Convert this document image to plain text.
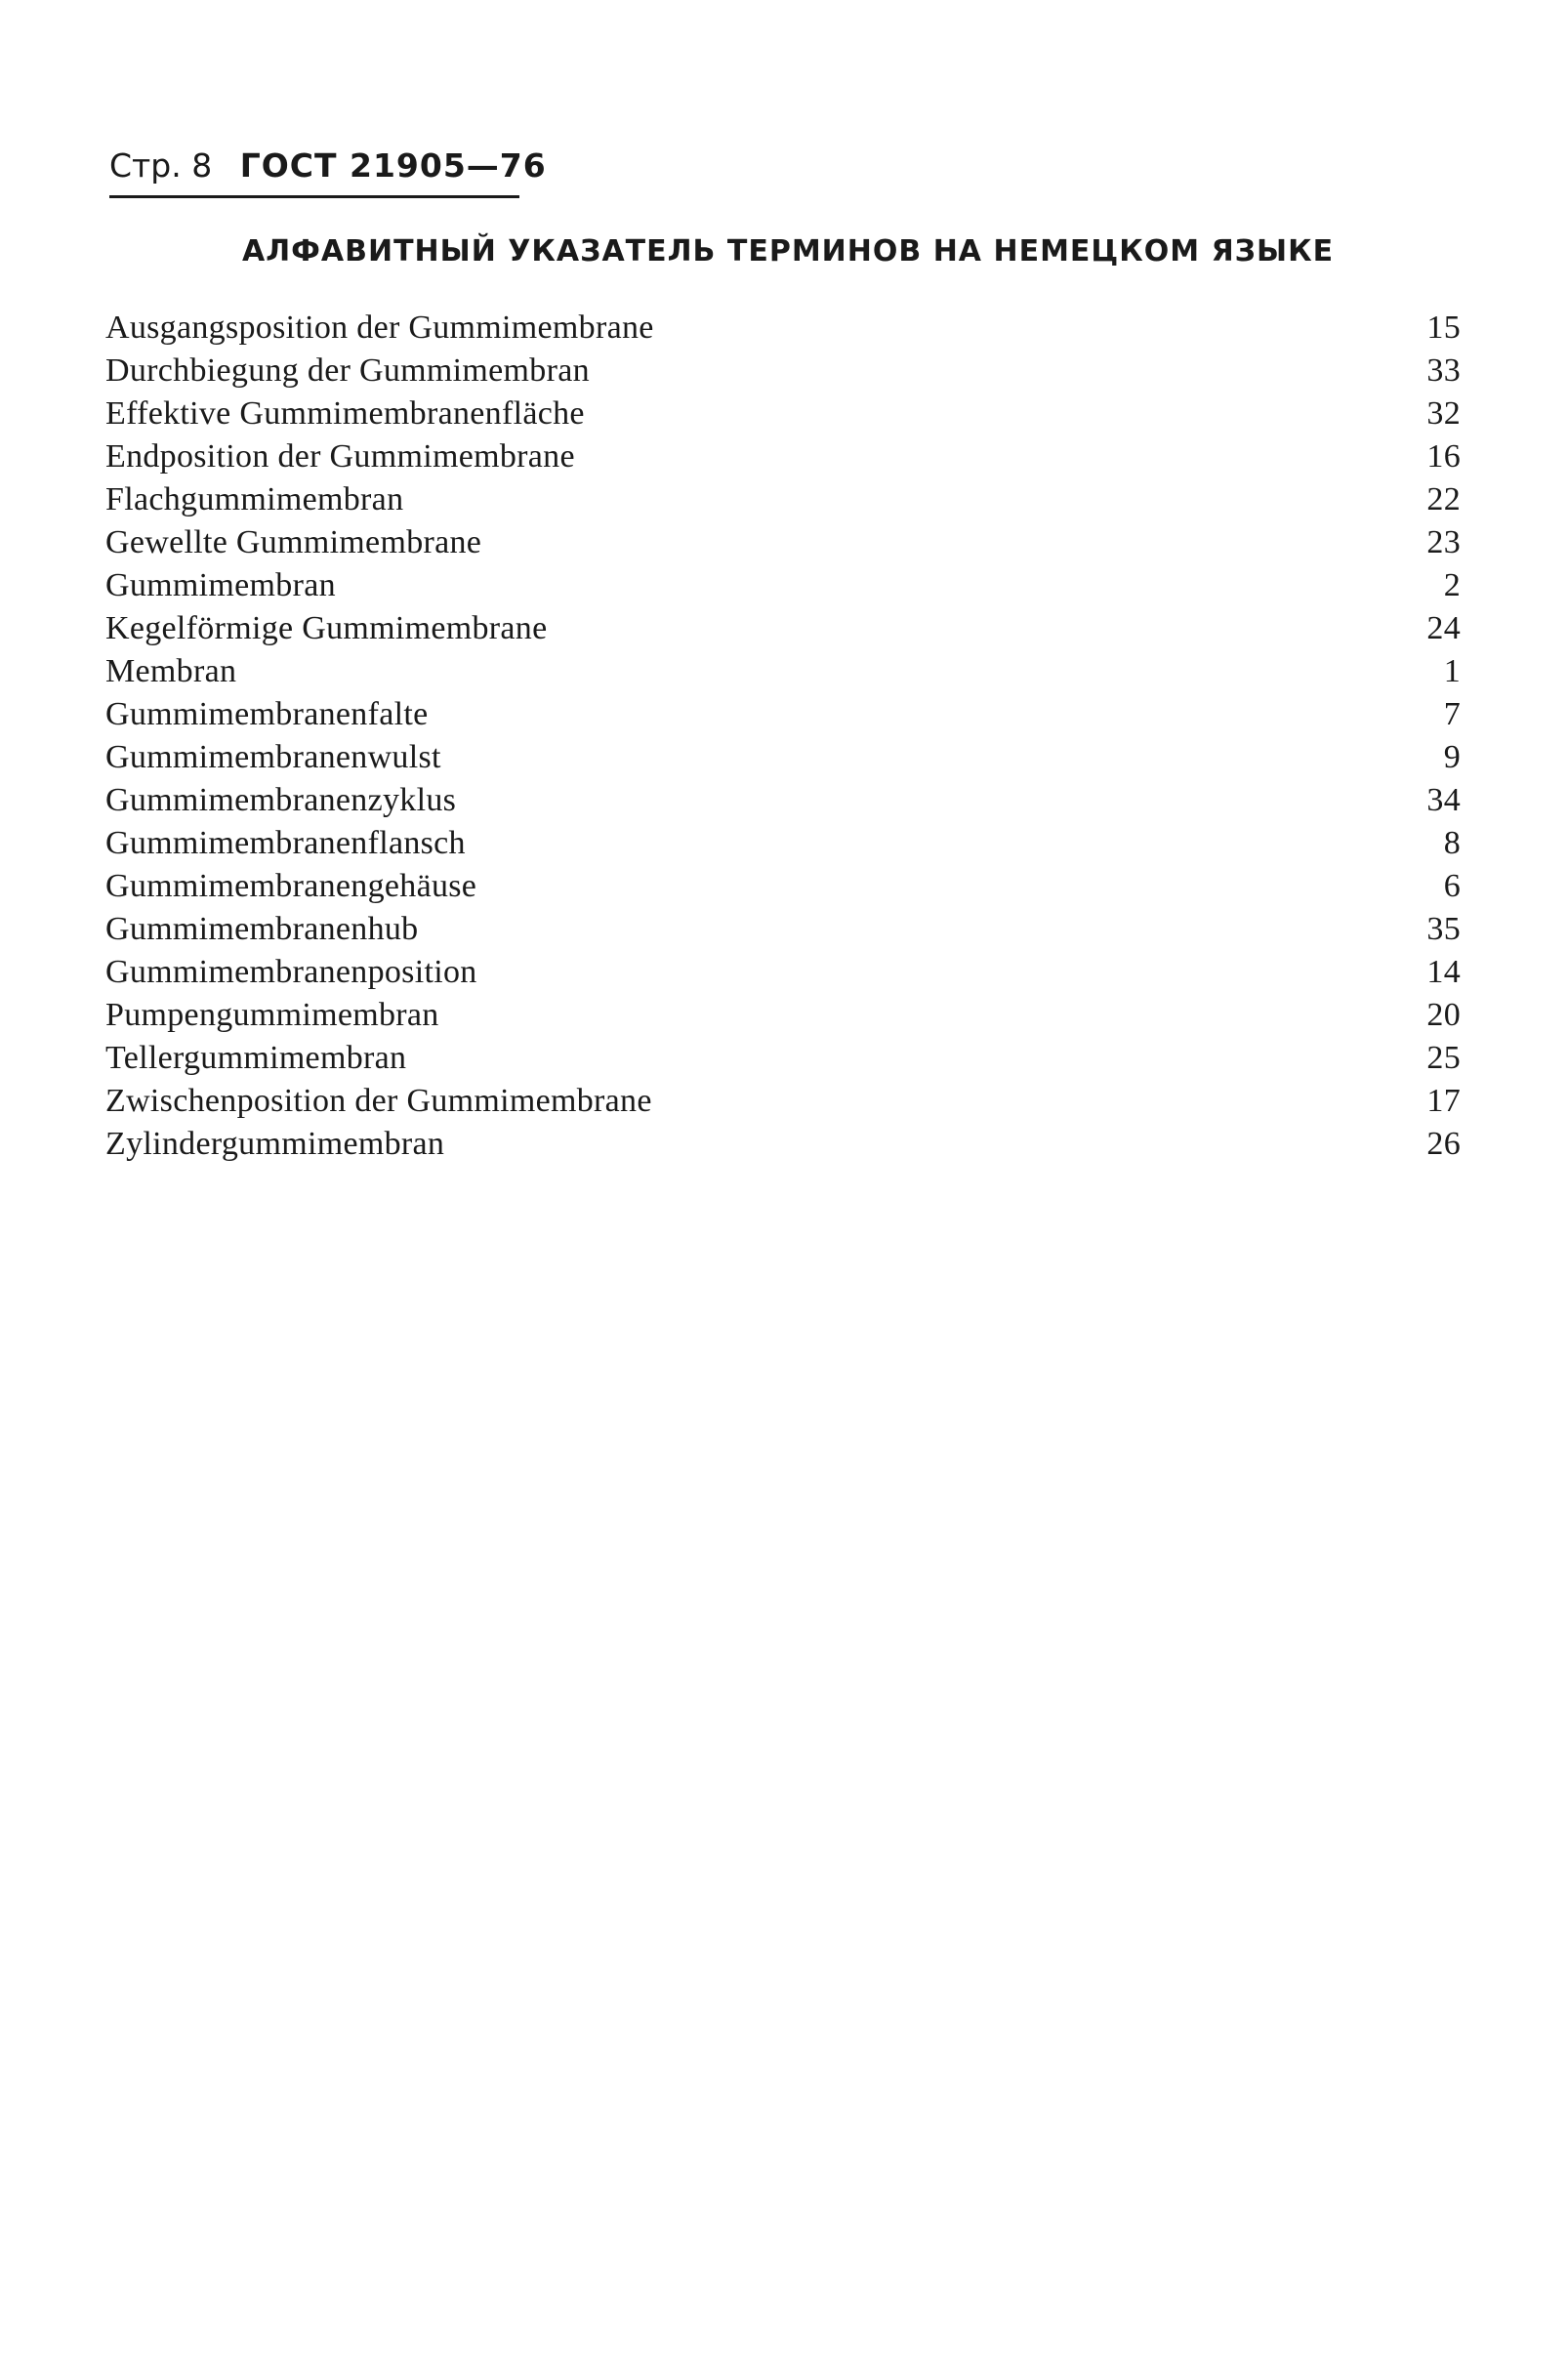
Стр. 8 ГОСТ 21905—76
АЛФАВИТНЫЙ УКАЗАТЕЛЬ ТЕРМИНОВ НА НЕМЕЦКОМ ЯЗЫКЕ
Ausgangsposition der Gummimembrane	15
Durchbiegung der Gummimembran	33
Effektive Gummimembranenfläche	32
Endposition der Gummimembrane	16
Flachgummimembran	22
Gewellte Gummimembrane	23
Gummimembran	2
Kegelförmige Gummimembrane	24
Membran	1
Gummimembranenfalte	7
Gummimembranenwulst	9
Gummimembranenzyklus	34
Gummimembranenflansch	8
Gummimembranengehäuse	6
Gummimembranenhub	35
Gummimembranenposition	14
Pumpengummimembran	20
Tellergummimembran	25
Zwischenposition der Gummimembrane	17
Zylindergummimembran	26
